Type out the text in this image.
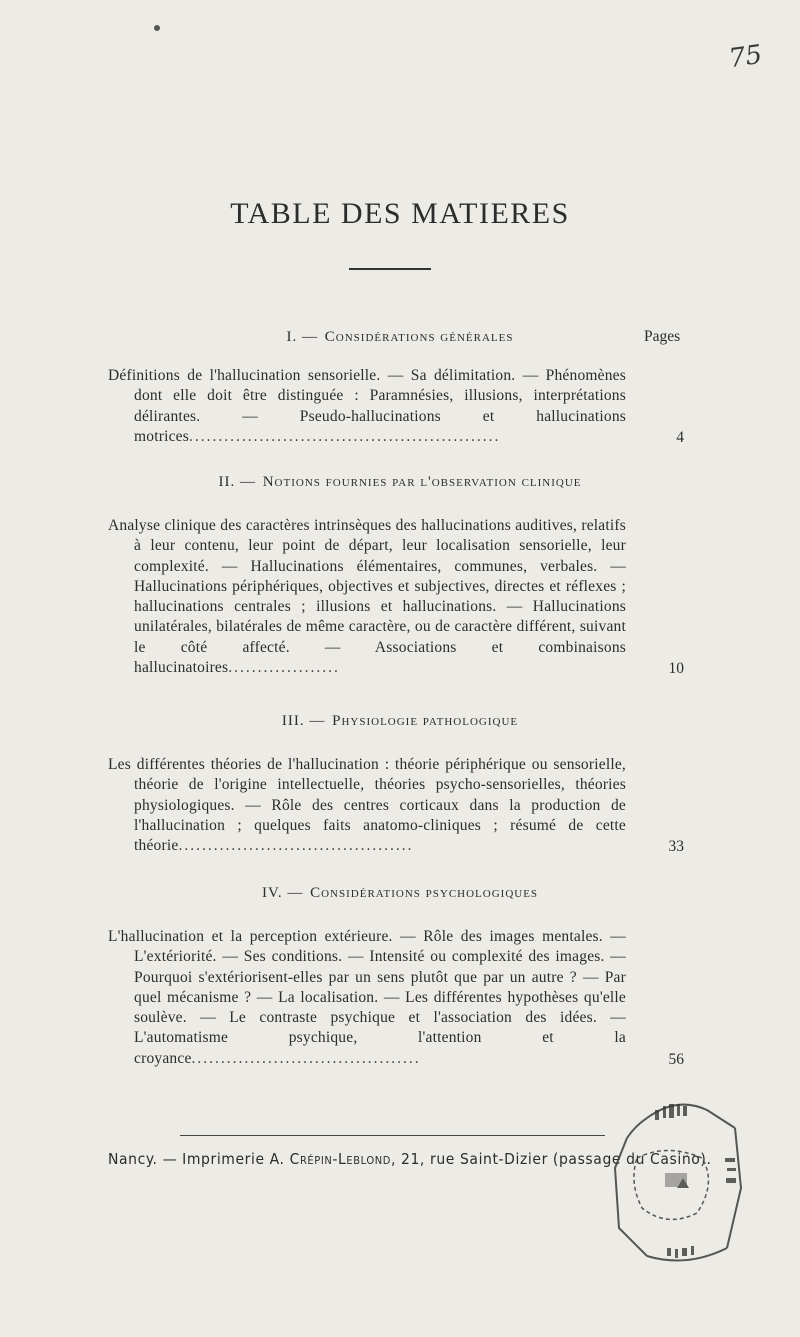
75
TABLE DES MATIERES
Pages
I. — Considérations générales
Définitions de l'hallucination sensorielle. — Sa délimitation. — Phénomènes dont elle doit être distinguée : Paramnésies, illusions, interprétations délirantes. — Pseudo-hallucinations et hallucinations motrices.....................................................	4
II. — Notions fournies par l'observation clinique
Analyse clinique des caractères intrinsèques des hallucinations auditives, relatifs à leur contenu, leur point de départ, leur localisation sensorielle, leur complexité. — Hallucinations élémentaires, communes, verbales. — Hallucinations périphériques, objectives et subjectives, directes et réflexes ; hallucinations centrales ; illusions et hallucinations. — Hallucinations unilatérales, bilatérales de même caractère, ou de caractère différent, suivant le côté affecté. — Associations et combinaisons hallucinatoires...................	10
III. — Physiologie pathologique
Les différentes théories de l'hallucination : théorie périphérique ou sensorielle, théorie de l'origine intellectuelle, théories psycho-sensorielles, théories physiologiques. — Rôle des centres corticaux dans la production de l'hallucination ; quelques faits anatomo-cliniques ; résumé de cette théorie........................................	33
IV. — Considérations psychologiques
L'hallucination et la perception extérieure. — Rôle des images mentales. — L'extériorité. — Ses conditions. — Intensité ou complexité des images. — Pourquoi s'extériorisent-elles par un sens plutôt que par un autre ? — Par quel mécanisme ? — La localisation. — Les différentes hypothèses qu'elle soulève. — Le contraste psychique et l'association des idées. — L'automatisme psychique, l'attention et la croyance.......................................	56
Nancy. — Imprimerie A. Crépin-Leblond, 21, rue Saint-Dizier (passage du Casino).
